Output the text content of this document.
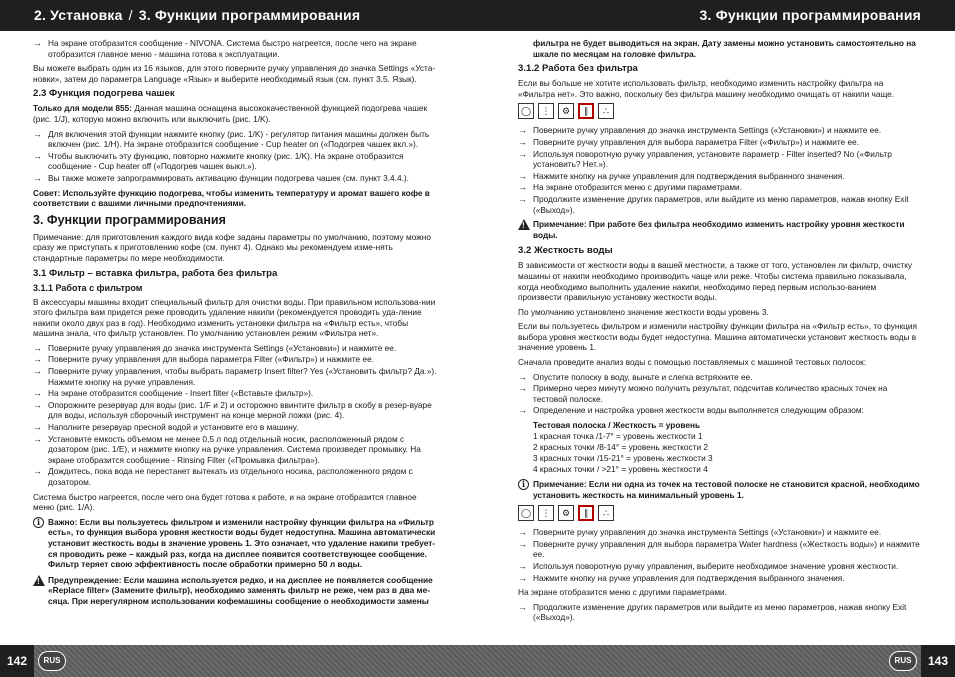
2. Установка / 3. Функции программирования	3. Функции программирования
→ На экране отобразится сообщение - NIVONA. Система быстро нагреется, после чего на экране отобразится главное меню - машина готова к эксплуатации.

Вы можете выбрать один из 16 языков, для этого поверните ручку управления до значка Settings «Уста-новки», затем до параметра Language «Язык» и выберите необходимый язык (см. пункт 3.5. Язык).

2.3 Функция подогрева чашек

Только для модели 855: Данная машина оснащена высококачественной функцией подогрева чашек (рис. 1/J), которую можно включить или выключить (рис. 1/K).

→ Для включения этой функции нажмите кнопку (рис. 1/K) - регулятор питания машины должен быть включен (рис. 1/H). На экране отобразится сообщение - Cup heater on («Подогрев чашек вкл.»).
→ Чтобы выключить эту функцию, повторно нажмите кнопку (рис. 1/K). На экране отобразится сообщение - Cup heater off («Подогрев чашек выкл.»).
→ Вы также можете запрограммировать активацию функции подогрева чашек (см. пункт 3.4.4.).

Совет: Используйте функцию подогрева, чтобы изменить температуру и аромат вашего кофе в соответствии с вашими личными предпочтениями.

3. Функции программирования

Примечание: для приготовления каждого вида кофе заданы параметры по умолчанию, поэтому можно сразу же приступать к приготовлению кофе (см. пункт 4). Однако мы рекомендуем изме-нять стандартные параметры по мере необходимости.

3.1 Фильтр – вставка фильтра, работа без фильтра
3.1.1 Работа с фильтром

В аксессуары машины входит специальный фильтр для очистки воды. При правильном использова-нии этого фильтра вам придется реже проводить удаление накипи (рекомендуется проводить уда-ление накипи около двух раз в год). Необходимо изменить установки фильтра на «Фильтр есть», чтобы машина знала, что фильтр установлен. По умолчанию установлен режим «Фильтра нет».

→ Поверните ручку управления до значка инструмента Settings («Установки») и нажмите ее.
→ Поверните ручку управления для выбора параметра Filter («Фильтр») и нажмите ее.
→ Поверните ручку управления, чтобы выбрать параметр Insert filter? Yes («Установить фильтр? Да.»). Нажмите кнопку на ручке управления.
→ На экране отобразится сообщение - Insert filter («Вставьте фильтр»).
→ Опорожните резервуар для воды (рис. 1/F и 2) и осторожно ввинтите фильтр в скобу в резер-вуаре для воды, используя сборочный инструмент на конце мерной ложки (рис. 4).
→ Наполните резервуар пресной водой и установите его в машину.
→ Установите емкость объемом не менее 0,5 л под отдельный носик, расположенный рядом с дозатором (рис. 1/E), и нажмите кнопку на ручке управления. Система произведет промывку. На экране отобразится сообщение - Rinsing Filter («Промывка фильтра»).
→ Дождитесь, пока вода не перестанет вытекать из отдельного носика, расположенного рядом с дозатором.

Система быстро нагреется, после чего она будет готова к работе, и на экране отобразится главное меню (рис. 1/A).

i Важно: Если вы пользуетесь фильтром и изменили настройку функции фильтра на «Фильтр есть», то функция выбора уровня жесткости воды будет недоступна. Машина автоматически установит жесткость воды в значение уровень 1. Это означает, что удаление накипи требует-ся проводить реже – каждый раз, когда на дисплее появится соответствующее сообщение. Фильтр теряет свою эффективность после обработки примерно 50 л воды.
!
Предупреждение: Если машина используется редко, и на дисплее не появляется сообщение «Replace filter» (Замените фильтр), необходимо заменять фильтр не реже, чем раз в два ме-сяца. При нерегулярном использовании кофемашины сообщение о необходимости замены

фильтра не будет выводиться на экран. Дату замены можно установить самостоятельно на шкале по месяцам на головке фильтра.

3.1.2 Работа без фильтра

Если вы больше не хотите использовать фильтр, необходимо изменить настройку фильтра на «Фильтра нет». Это важно, поскольку без фильтра машину необходимо очищать от накипи чаще.

◯	⋮	⚙	∥	∴
→ Поверните ручку управления до значка инструмента Settings («Установки») и нажмите ее.
→ Поверните ручку управления для выбора параметра Filter («Фильтр») и нажмите ее.
→ Используя поворотную ручку управления, установите параметр - Filter inserted? No («Фильтр установить? Нет.»).
→ Нажмите кнопку на ручке управления для подтверждения выбранного значения.
→ На экране отобразится меню с другими параметрами.
→ Продолжите изменение других параметров, или выйдите из меню параметров, нажав кнопку Exit («Выход»).
!
Примечание: При работе без фильтра необходимо изменить настройку уровня жесткости воды.
3.2 Жесткость воды

В зависимости от жесткости воды в вашей местности, а также от того, установлен ли фильтр, очистку машины от накипи необходимо производить чаще или реже. Чтобы система правильно показывала, когда необходимо выполнить удаление накипи, необходимо перед первым использо-ванием произвести правильную установку жесткости воды.

По умолчанию установлено значение жесткости воды уровень 3.

Если вы пользуетесь фильтром и изменили настройку функции фильтра на «Фильтр есть», то функция выбора уровня жесткости воды будет недоступна. Машина автоматически установит жесткость воды в значение уровень 1.

Сначала проведите анализ воды с помощью поставляемых с машиной тестовых полосок:

→ Опустите полоску в воду, выньте и слегка встряхните ее.
→ Примерно через минуту можно получить результат, подсчитав количество красных точек на тестовой полоске.
→ Определение и настройка уровня жесткости воды выполняется следующим образом:
Тестовая полоска / Жесткость = уровень
1 красная точка /1-7° = уровень жесткости 1
2 красных точки /8-14° = уровень жесткости 2
3 красных точки /15-21° = уровень жесткости 3
4 красных точки / >21° = уровень жесткости 4
i Примечание: Если ни одна из точек на тестовой полоске не становится красной, необходимо установить жесткость на минимальный уровень 1.
◯	⋮	⚙	∥	∴
→ Поверните ручку управления до значка инструмента Settings («Установки») и нажмите ее.
→ Поверните ручку управления для выбора параметра Water hardness («Жесткость воды») и нажмите ее.
→ Используя поворотную ручку управления, выберите необходимое значение уровня жесткости.
→ Нажмите кнопку на ручке управления для подтверждения выбранного значения.

На экране отобразится меню с другими параметрами.

→ Продолжите изменение других параметров или выйдите из меню параметров, нажав кнопку Exit («Выход»).
142	RUS	RUS	143
